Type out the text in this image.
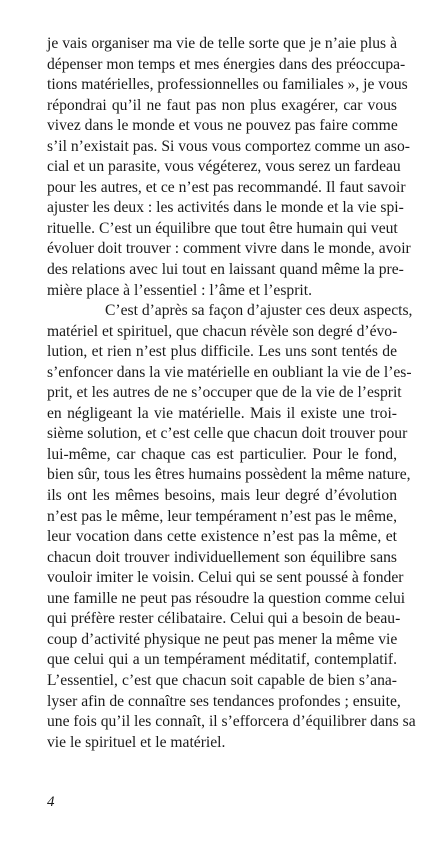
je vais organiser ma vie de telle sorte que je n’aie plus à
dépenser mon temps et mes énergies dans des préoccupa-
tions matérielles, professionnelles ou familiales », je vous
répondrai qu’il ne faut pas non plus exagérer, car vous
vivez dans le monde et vous ne pouvez pas faire comme
s’il n’existait pas. Si vous vous comportez comme un aso-
cial et un parasite, vous végéterez, vous serez un fardeau
pour les autres, et ce n’est pas recommandé. Il faut savoir
ajuster les deux : les activités dans le monde et la vie spi-
rituelle. C’est un équilibre que tout être humain qui veut
évoluer doit trouver : comment vivre dans le monde, avoir
des relations avec lui tout en laissant quand même la pre-
mière place à l’essentiel : l’âme et l’esprit.
C’est d’après sa façon d’ajuster ces deux aspects,
matériel et spirituel, que chacun révèle son degré d’évo-
lution, et rien n’est plus difficile. Les uns sont tentés de
s’enfoncer dans la vie matérielle en oubliant la vie de l’es-
prit, et les autres de ne s’occuper que de la vie de l’esprit
en négligeant la vie matérielle. Mais il existe une troi-
sième solution, et c’est celle que chacun doit trouver pour
lui-même, car chaque cas est particulier. Pour le fond,
bien sûr, tous les êtres humains possèdent la même nature,
ils ont les mêmes besoins, mais leur degré d’évolution
n’est pas le même, leur tempérament n’est pas le même,
leur vocation dans cette existence n’est pas la même, et
chacun doit trouver individuellement son équilibre sans
vouloir imiter le voisin. Celui qui se sent poussé à fonder
une famille ne peut pas résoudre la question comme celui
qui préfère rester célibataire. Celui qui a besoin de beau-
coup d’activité physique ne peut pas mener la même vie
que celui qui a un tempérament méditatif, contemplatif.
L’essentiel, c’est que chacun soit capable de bien s’ana-
lyser afin de connaître ses tendances profondes ; ensuite,
une fois qu’il les connaît, il s’efforcera d’équilibrer dans sa
vie le spirituel et le matériel.
4
